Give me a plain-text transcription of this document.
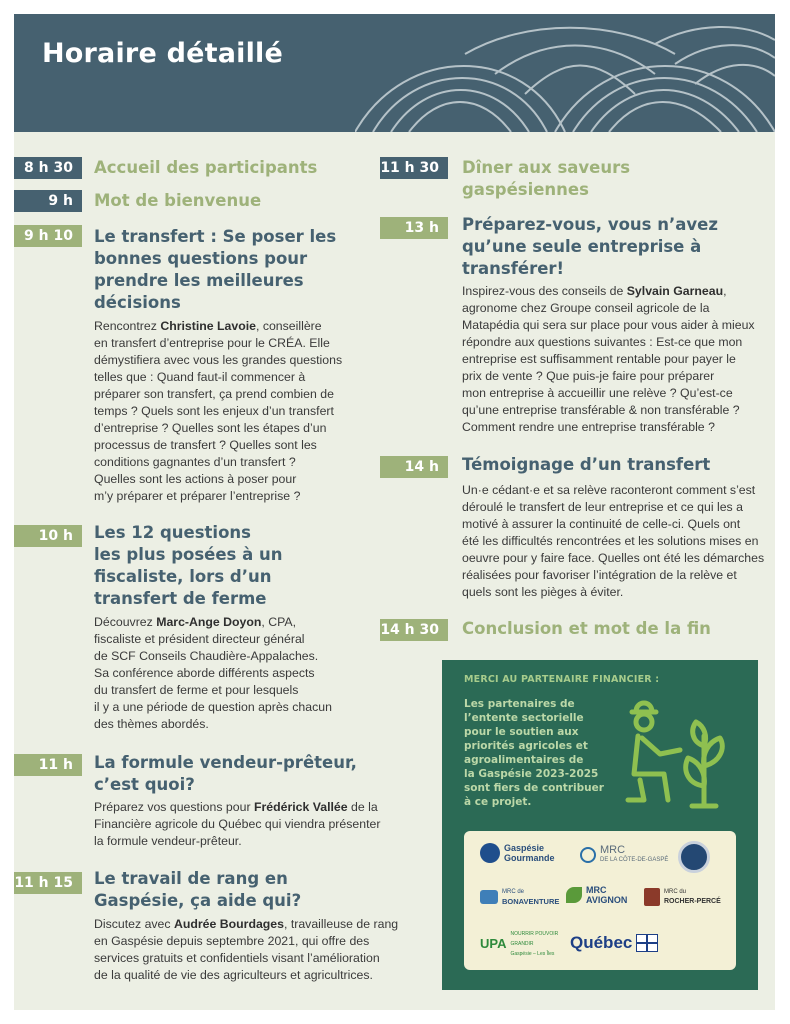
Horaire détaillé
8 h 30	Accueil des participants
9 h	Mot de bienvenue
9 h 10	Le transfert : Se poser les
bonnes questions pour
prendre les meilleures
décisions
Rencontrez Christine Lavoie, conseillère
en transfert d’entreprise pour le CRÉA. Elle
démystifiera avec vous les grandes questions
telles que : Quand faut-il commencer à
préparer son transfert, ça prend combien de
temps ? Quels sont les enjeux d’un transfert
d’entreprise ? Quelles sont les étapes d’un
processus de transfert ? Quelles sont les
conditions gagnantes d’un transfert ?
Quelles sont les actions à poser pour
m’y préparer et préparer l’entreprise ?
10 h	Les 12 questions
les plus posées à un
fiscaliste, lors d’un
transfert de ferme
Découvrez Marc-Ange Doyon, CPA,
fiscaliste et président directeur général
de SCF Conseils Chaudière-Appalaches.
Sa conférence aborde différents aspects
du transfert de ferme et pour lesquels
il y a une période de question après chacun
des thèmes abordés.
11 h	La formule vendeur-prêteur,
c’est quoi?
Préparez vos questions pour Frédérick Vallée de la
Financière agricole du Québec qui viendra présenter
la formule vendeur-prêteur.
11 h 15	Le travail de rang en
Gaspésie, ça aide qui?
Discutez avec Audrée Bourdages, travailleuse de rang
en Gaspésie depuis septembre 2021, qui offre des
services gratuits et confidentiels visant l’amélioration
de la qualité de vie des agriculteurs et agricultrices.
11 h 30	Dîner aux saveurs
gaspésiennes
13 h	Préparez-vous, vous n’avez
qu’une seule entreprise à
transférer!
Inspirez-vous des conseils de Sylvain Garneau,
agronome chez Groupe conseil agricole de la
Matapédia qui sera sur place pour vous aider à mieux
répondre aux questions suivantes : Est-ce que mon
entreprise est suffisamment rentable pour payer le
prix de vente ? Que puis-je faire pour préparer
mon entreprise à accueillir une relève ? Qu’est-ce
qu’une entreprise transférable & non transférable ?
Comment rendre une entreprise transférable ?
14 h	Témoignage d’un transfert
Un·e cédant·e et sa relève raconteront comment s’est
déroulé le transfert de leur entreprise et ce qui les a
motivé à assurer la continuité de celle-ci. Quels ont
été les difficultés rencontrées et les solutions mises en
oeuvre pour y faire face. Quelles ont été les démarches
réalisées pour favoriser l’intégration de la relève et
quels sont les pièges à éviter.
14 h 30	Conclusion et mot de la fin
MERCI AU PARTENAIRE FINANCIER :
Les partenaires de
l’entente sectorielle
pour le soutien aux
priorités agricoles et
agroalimentaires de
la Gaspésie 2023-2025
sont fiers de contribuer
à ce projet.
Gaspésie
Gourmande
MRC
DE LA CÔTE-DE-GASPÉ
MRC de
BONAVENTURE
MRC
AVIGNON
MRC du
ROCHER-PERCÉ
UPA
NOURRIR POUVOIR GRANDIR
Gaspésie – Les Îles
Québec
